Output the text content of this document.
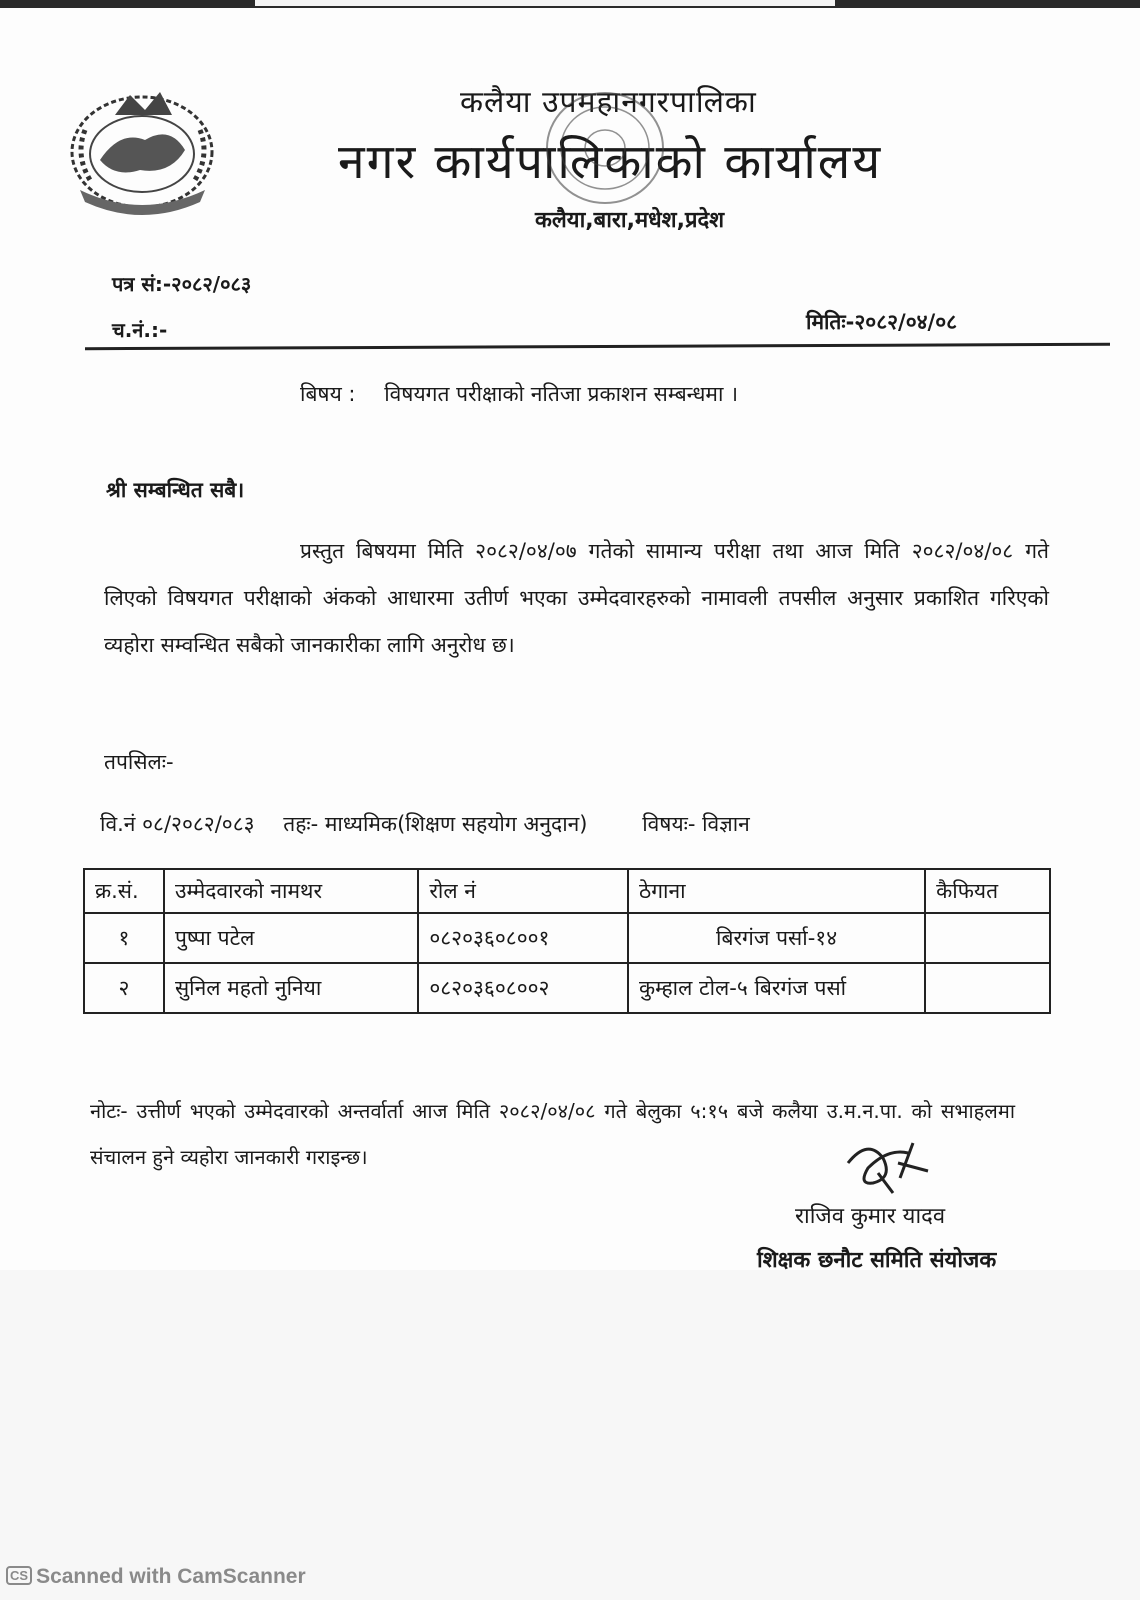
कलैया उपमहानगरपालिका
नगर कार्यपालिकाको कार्यालय
कलैया,बारा,मधेश,प्रदेश
पत्र सं:-२०८२/०८३
च.नं.:-	मितिः-२०८२/०४/०८
बिषय : विषयगत परीक्षाको नतिजा प्रकाशन सम्बन्धमा ।
श्री सम्बन्धित सबै।
प्रस्तुत बिषयमा मिति २०८२/०४/०७ गतेको सामान्य परीक्षा तथा आज मिति २०८२/०४/०८ गते लिएको विषयगत परीक्षाको अंकको आधारमा उतीर्ण भएका उम्मेदवारहरुको नामावली तपसील अनुसार प्रकाशित गरिएको व्यहोरा सम्वन्धित सबैको जानकारीका लागि अनुरोध छ।
तपसिलः-
वि.नं ०८/२०८२/०८३ तहः- माध्यमिक(शिक्षण सहयोग अनुदान)	विषयः- विज्ञान
क्र.सं.	उम्मेदवारको नामथर	रोल नं	ठेगाना	कैफियत
१	पुष्पा पटेल	०८२०३६०८००१	बिरगंज पर्सा-१४	
२	सुनिल महतो नुनिया	०८२०३६०८००२	कुम्हाल टोल-५ बिरगंज पर्सा	
नोटः- उत्तीर्ण भएको उम्मेदवारको अन्तर्वार्ता आज मिति २०८२/०४/०८ गते बेलुका ५:१५ बजे कलैया उ.म.न.पा. को सभाहलमा संचालन हुने व्यहोरा जानकारी गराइन्छ।
राजिव कुमार यादव
शिक्षक छनौट समिति संयोजक
CS Scanned with CamScanner
